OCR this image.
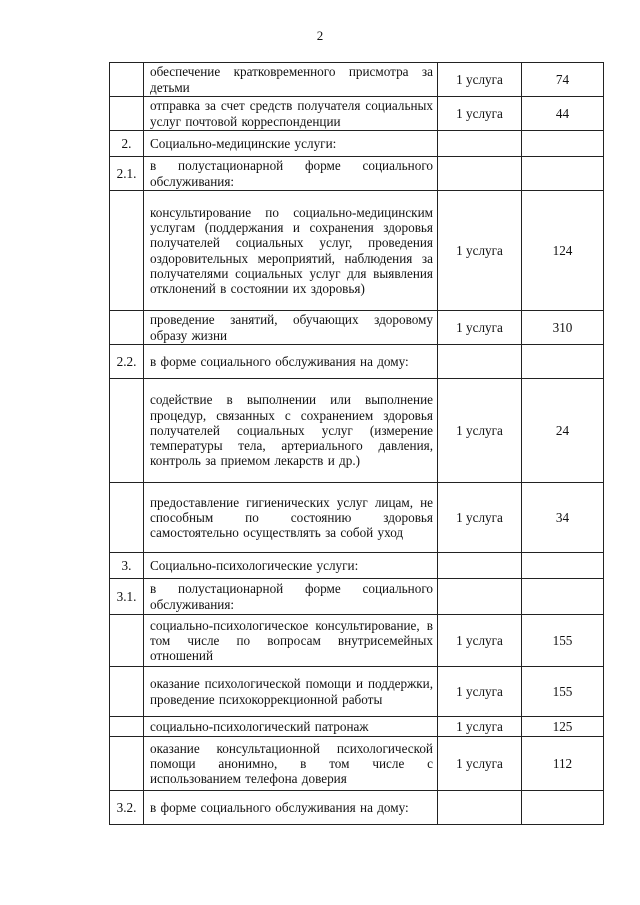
2
	обеспечение кратковременного присмотра за детьми	1 услуга	74
	отправка за счет средств получателя социальных услуг почтовой корреспонденции	1 услуга	44
2.	Социально-медицинские услуги:		
2.1.	в полустационарной форме социального обслуживания:		
	консультирование по социально-медицинским услугам (поддержания и сохранения здоровья получателей социальных услуг, проведения оздоровительных мероприятий, наблюдения за получателями социальных услуг для выявления отклонений в состоянии их здоровья)	1 услуга	124
	проведение занятий, обучающих здоровому образу жизни	1 услуга	310
2.2.	в форме социального обслуживания на дому:		
	содействие в выполнении или выполнение процедур, связанных с сохранением здоровья получателей социальных услуг (измерение температуры тела, артериального давления, контроль за приемом лекарств и др.)	1 услуга	24
	предоставление гигиенических услуг лицам, не способным по состоянию здоровья самостоятельно осуществлять за собой уход	1 услуга	34
3.	Социально-психологические услуги:		
3.1.	в полустационарной форме социального обслуживания:		
	социально-психологическое консультирование, в том числе по вопросам внутрисемейных отношений	1 услуга	155
	оказание психологической помощи и поддержки, проведение психокоррекционной работы	1 услуга	155
	социально-психологический патронаж	1 услуга	125
	оказание консультационной психологической помощи анонимно, в том числе с использованием телефона доверия	1 услуга	112
3.2.	в форме социального обслуживания на дому:		
